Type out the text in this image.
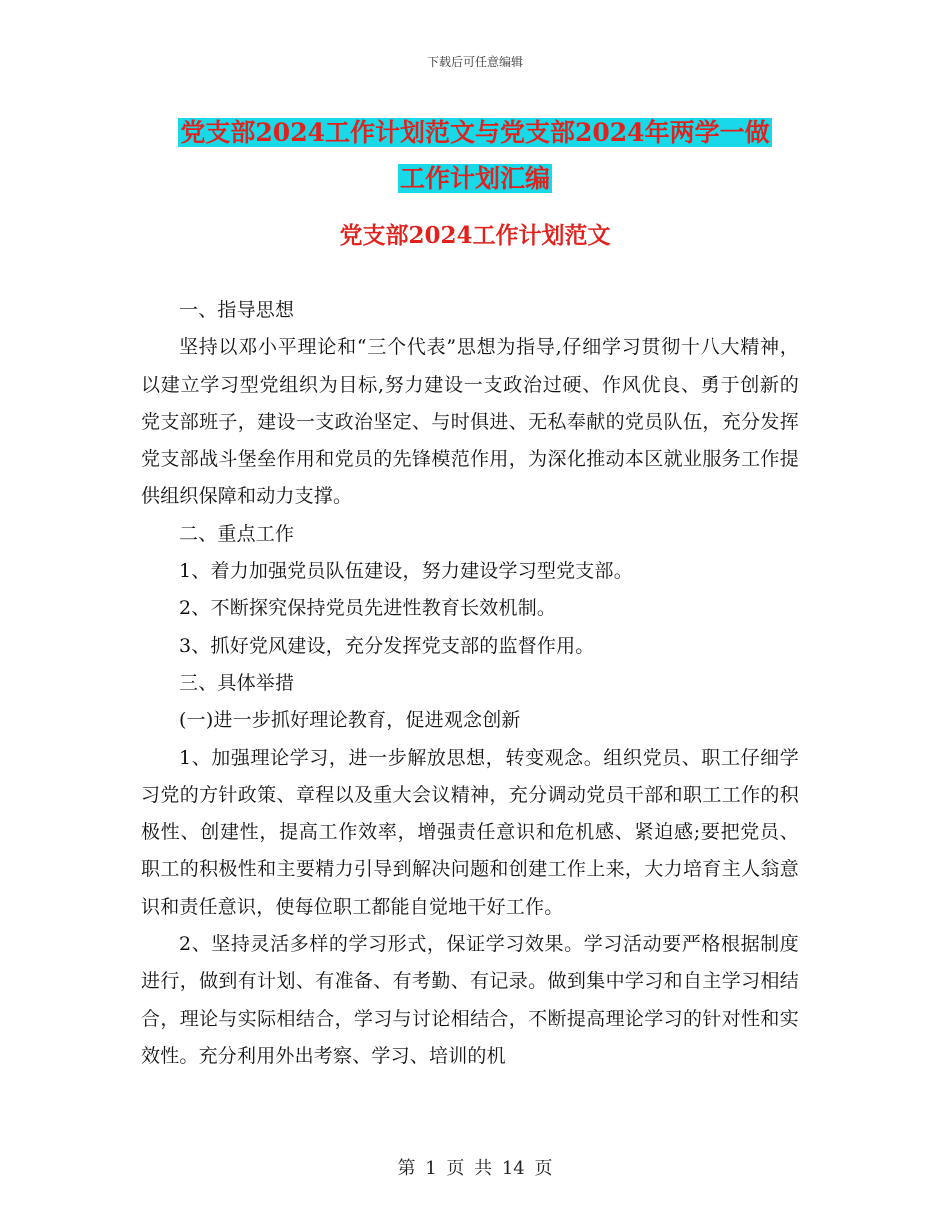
下载后可任意编辑
党支部2024工作计划范文与党支部2024年两学一做
工作计划汇编
党支部2024工作计划范文

一、指导思想

坚持以邓小平理论和“三个代表”思想为指导,仔细学习贯彻十八大精神，以建立学习型党组织为目标,努力建设一支政治过硬、作风优良、勇于创新的党支部班子，建设一支政治坚定、与时俱进、无私奉献的党员队伍，充分发挥党支部战斗堡垒作用和党员的先锋模范作用，为深化推动本区就业服务工作提供组织保障和动力支撑。

二、重点工作

1、着力加强党员队伍建设，努力建设学习型党支部。

2、不断探究保持党员先进性教育长效机制。

3、抓好党风建设，充分发挥党支部的监督作用。

三、具体举措

(一)进一步抓好理论教育，促进观念创新

1、加强理论学习，进一步解放思想，转变观念。组织党员、职工仔细学习党的方针政策、章程以及重大会议精神，充分调动党员干部和职工工作的积极性、创建性，提高工作效率，增强责任意识和危机感、紧迫感;要把党员、职工的积极性和主要精力引导到解决问题和创建工作上来，大力培育主人翁意识和责任意识，使每位职工都能自觉地干好工作。

2、坚持灵活多样的学习形式，保证学习效果。学习活动要严格根据制度进行，做到有计划、有准备、有考勤、有记录。做到集中学习和自主学习相结合，理论与实际相结合，学习与讨论相结合，不断提高理论学习的针对性和实效性。充分利用外出考察、学习、培训的机

第 1 页 共 14 页
